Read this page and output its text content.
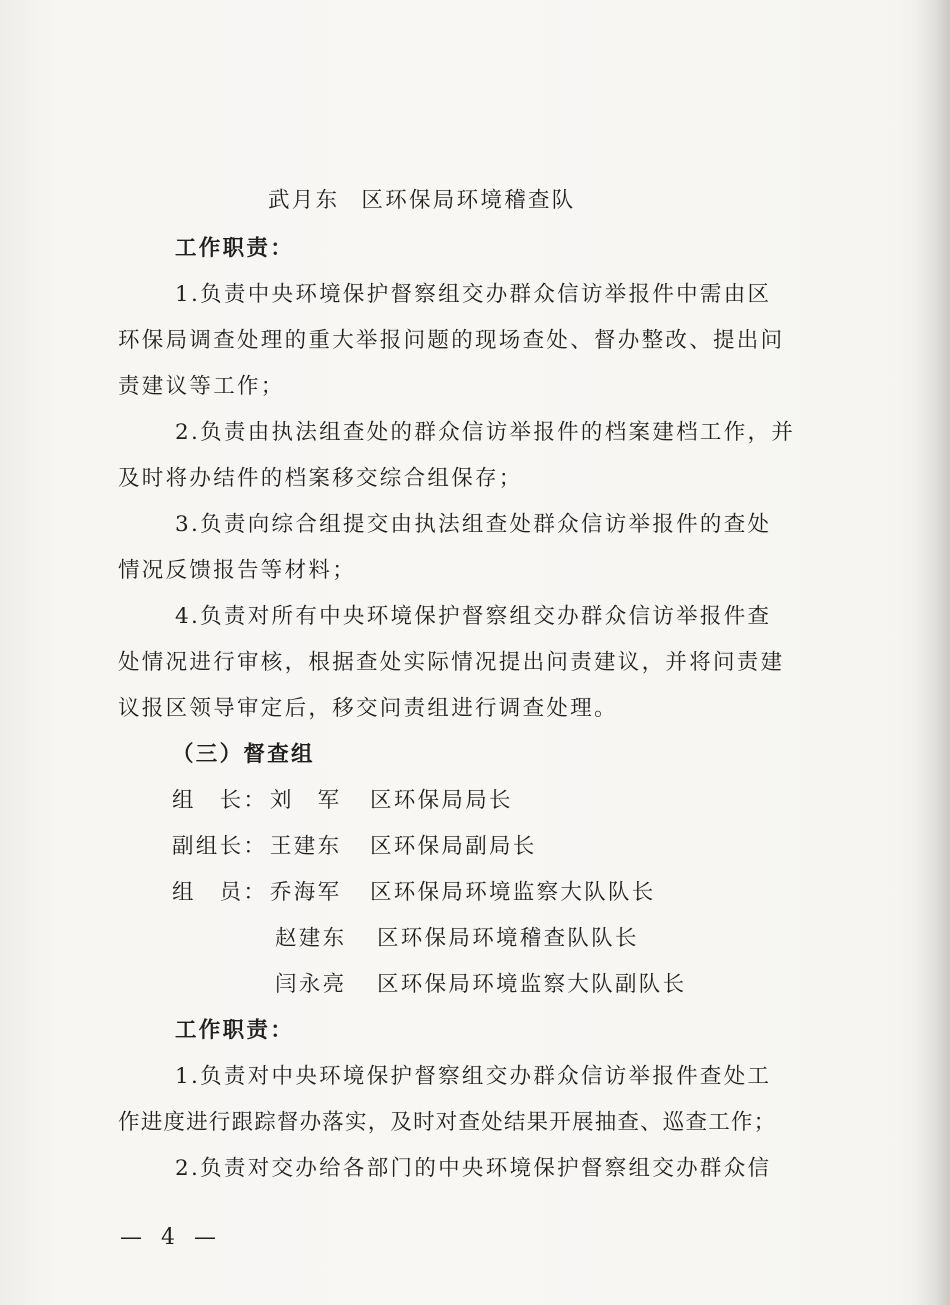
武月东 区环保局环境稽查队
工作职责：
1.负责中央环境保护督察组交办群众信访举报件中需由区
环保局调查处理的重大举报问题的现场查处、督办整改、提出问
责建议等工作；
2.负责由执法组查处的群众信访举报件的档案建档工作，并
及时将办结件的档案移交综合组保存；
3.负责向综合组提交由执法组查处群众信访举报件的查处
情况反馈报告等材料；
4.负责对所有中央环境保护督察组交办群众信访举报件查
处情况进行审核，根据查处实际情况提出问责建议，并将问责建
议报区领导审定后，移交问责组进行调查处理。
（三）督查组
组　长： 刘　军 区环保局局长
副组长： 王建东 区环保局副局长
组　员： 乔海军 区环保局环境监察大队队长
赵建东 区环保局环境稽查队队长
闫永亮 区环保局环境监察大队副队长
工作职责：
1.负责对中央环境保护督察组交办群众信访举报件查处工
作进度进行跟踪督办落实，及时对查处结果开展抽查、巡查工作；
2.负责对交办给各部门的中央环境保护督察组交办群众信
— 4 —
